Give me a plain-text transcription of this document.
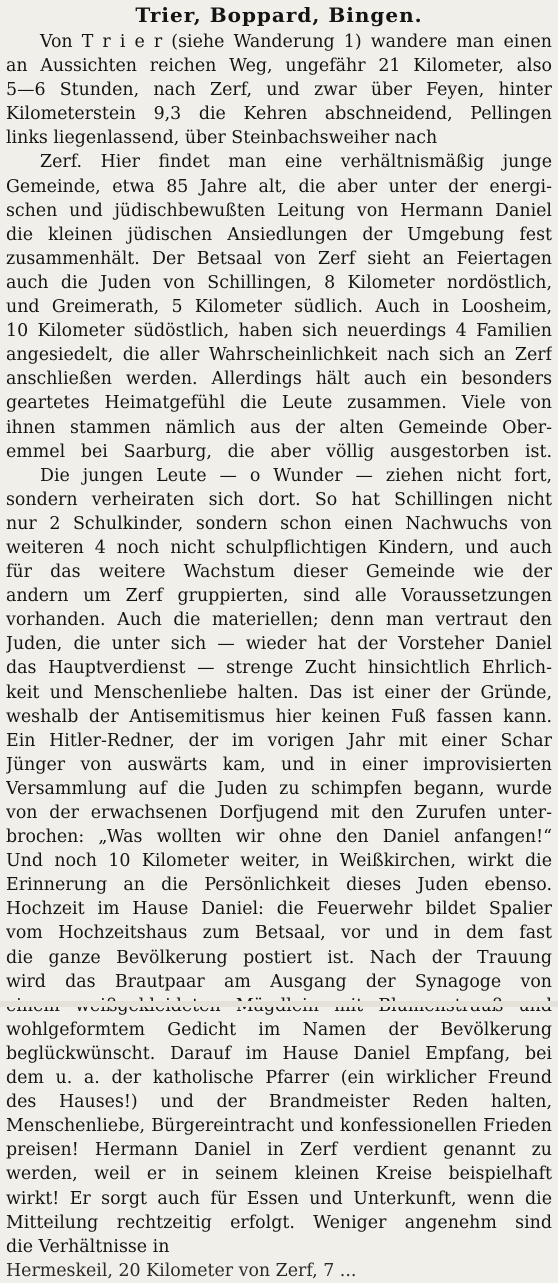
Trier, Boppard, Bingen.
Von T r i e r (siehe Wanderung 1) wandere man einen
an Aussichten reichen Weg, ungefähr 21 Kilometer, also
5—6 Stunden, nach Zerf, und zwar über Feyen, hinter
Kilometerstein 9,3 die Kehren abschneidend, Pellingen
links liegenlassend, über Steinbachsweiher nach
Zerf. Hier findet man eine verhältnismäßig junge
Gemeinde, etwa 85 Jahre alt, die aber unter der energi-
schen und jüdischbewußten Leitung von Hermann Daniel
die kleinen jüdischen Ansiedlungen der Umgebung fest
zusammenhält. Der Betsaal von Zerf sieht an Feiertagen
auch die Juden von Schillingen, 8 Kilometer nordöstlich,
und Greimerath, 5 Kilometer südlich. Auch in Loosheim,
10 Kilometer südöstlich, haben sich neuerdings 4 Familien
angesiedelt, die aller Wahrscheinlichkeit nach sich an Zerf
anschließen werden. Allerdings hält auch ein besonders
geartetes Heimatgefühl die Leute zusammen. Viele von
ihnen stammen nämlich aus der alten Gemeinde Ober-
emmel bei Saarburg, die aber völlig ausgestorben ist.
Die jungen Leute — o Wunder — ziehen nicht fort,
sondern verheiraten sich dort. So hat Schillingen nicht
nur 2 Schulkinder, sondern schon einen Nachwuchs von
weiteren 4 noch nicht schulpflichtigen Kindern, und auch
für das weitere Wachstum dieser Gemeinde wie der
andern um Zerf gruppierten, sind alle Voraussetzungen
vorhanden. Auch die materiellen; denn man vertraut den
Juden, die unter sich — wieder hat der Vorsteher Daniel
das Hauptverdienst — strenge Zucht hinsichtlich Ehrlich-
keit und Menschenliebe halten. Das ist einer der Gründe,
weshalb der Antisemitismus hier keinen Fuß fassen kann.
Ein Hitler-Redner, der im vorigen Jahr mit einer Schar
Jünger von auswärts kam, und in einer improvisierten
Versammlung auf die Juden zu schimpfen begann, wurde
von der erwachsenen Dorfjugend mit den Zurufen unter-
brochen: „Was wollten wir ohne den Daniel anfangen!“
Und noch 10 Kilometer weiter, in Weißkirchen, wirkt die
Erinnerung an die Persönlichkeit dieses Juden ebenso.
Hochzeit im Hause Daniel: die Feuerwehr bildet Spalier
vom Hochzeitshaus zum Betsaal, vor und in dem fast
die ganze Bevölkerung postiert ist. Nach der Trauung
wird das Brautpaar am Ausgang der Synagoge von
wohlgeformtem Gedicht im Namen der Bevölkerung
beglückwünscht. Darauf im Hause Daniel Empfang, bei
dem u. a. der katholische Pfarrer (ein wirklicher Freund
des Hauses!) und der Brandmeister Reden halten,
Menschenliebe, Bürgereintracht und konfessionellen Frieden
preisen! Hermann Daniel in Zerf verdient genannt zu
werden, weil er in seinem kleinen Kreise beispielhaft
wirkt! Er sorgt auch für Essen und Unterkunft, wenn die
Mitteilung rechtzeitig erfolgt. Weniger angenehm sind
die Verhältnisse in
Hermeskeil, 20 Kilometer von Zerf, 7 ...
